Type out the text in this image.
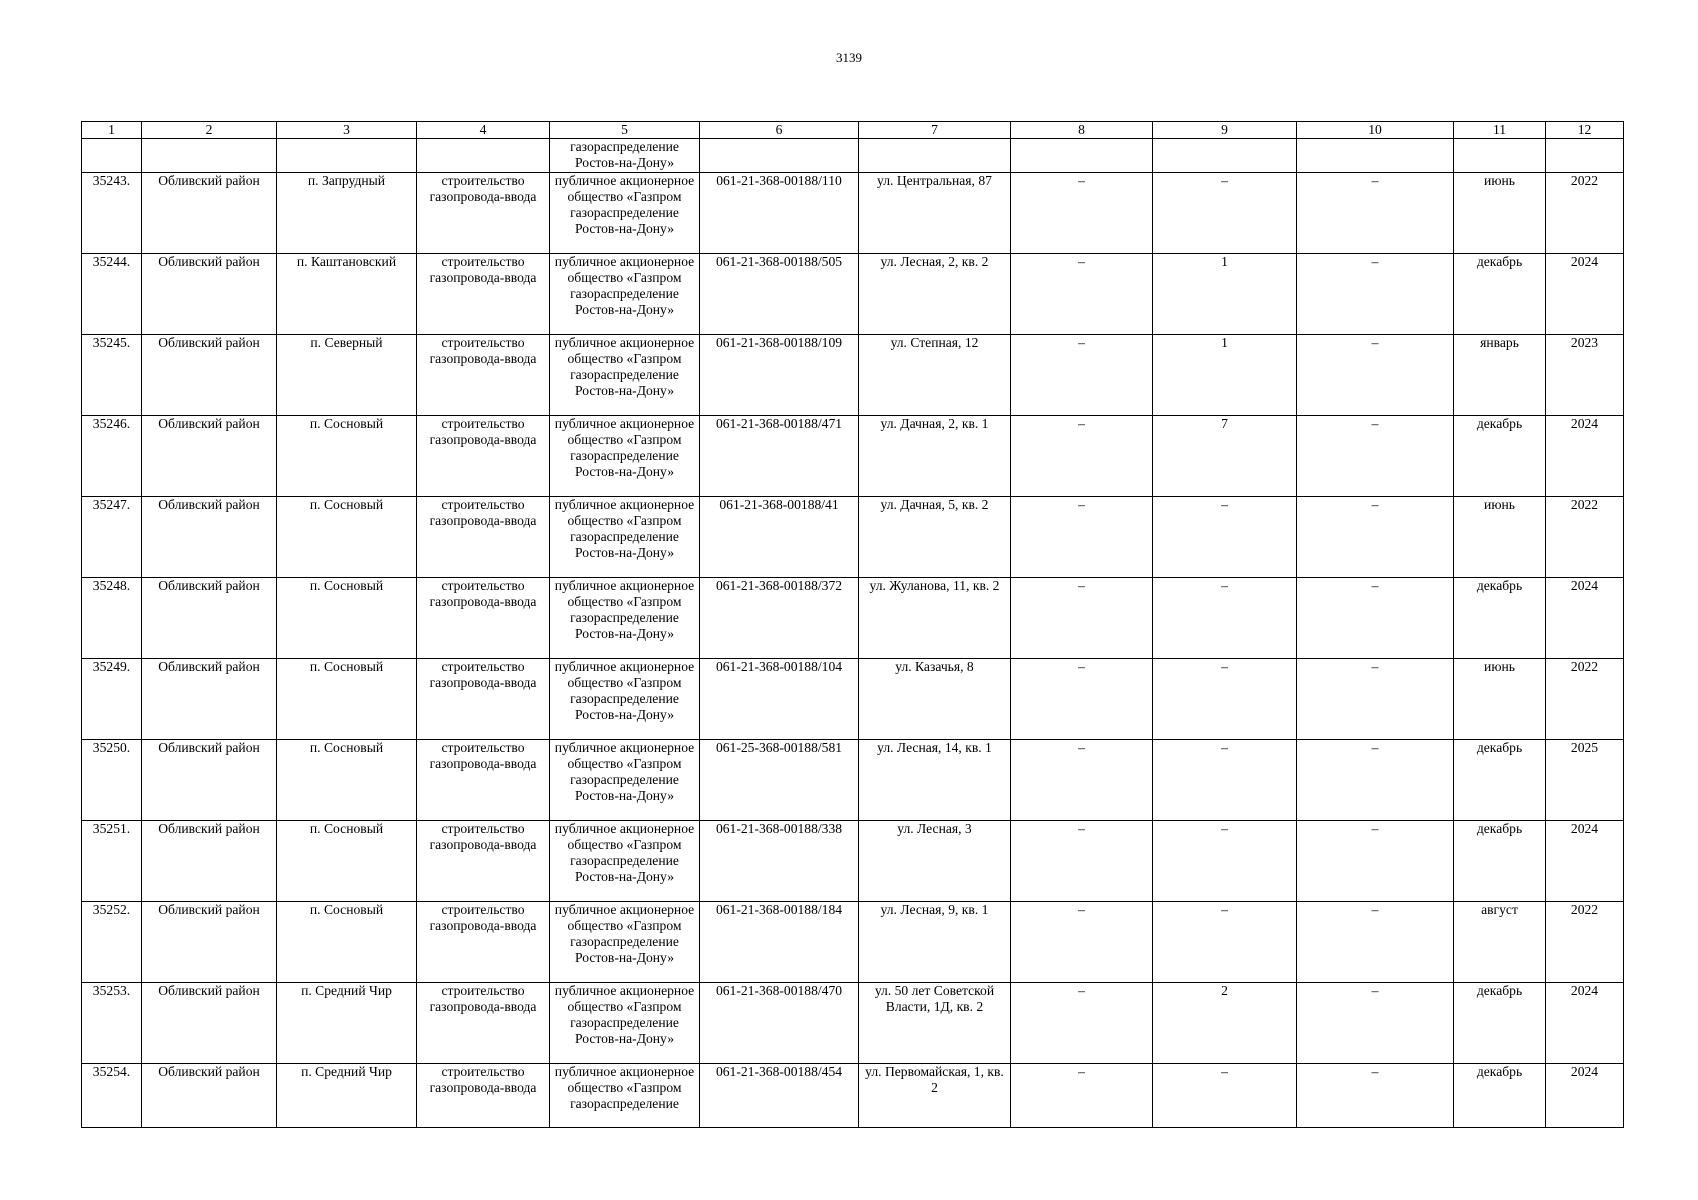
3139
1	2	3	4	5	6	7	8	9	10	11	12
				газораспределение Ростов-на-Дону»							
35243.	Обливский район	п. Запрудный	строительство газопровода-ввода	публичное акционерное общество «Газпром газораспределение Ростов-на-Дону»	061-21-368-00188/110	ул. Центральная, 87	–	–	–	июнь	2022
35244.	Обливский район	п. Каштановский	строительство газопровода-ввода	публичное акционерное общество «Газпром газораспределение Ростов-на-Дону»	061-21-368-00188/505	ул. Лесная, 2, кв. 2	–	1	–	декабрь	2024
35245.	Обливский район	п. Северный	строительство газопровода-ввода	публичное акционерное общество «Газпром газораспределение Ростов-на-Дону»	061-21-368-00188/109	ул. Степная, 12	–	1	–	январь	2023
35246.	Обливский район	п. Сосновый	строительство газопровода-ввода	публичное акционерное общество «Газпром газораспределение Ростов-на-Дону»	061-21-368-00188/471	ул. Дачная, 2, кв. 1	–	7	–	декабрь	2024
35247.	Обливский район	п. Сосновый	строительство газопровода-ввода	публичное акционерное общество «Газпром газораспределение Ростов-на-Дону»	061-21-368-00188/41	ул. Дачная, 5, кв. 2	–	–	–	июнь	2022
35248.	Обливский район	п. Сосновый	строительство газопровода-ввода	публичное акционерное общество «Газпром газораспределение Ростов-на-Дону»	061-21-368-00188/372	ул. Жуланова, 11, кв. 2	–	–	–	декабрь	2024
35249.	Обливский район	п. Сосновый	строительство газопровода-ввода	публичное акционерное общество «Газпром газораспределение Ростов-на-Дону»	061-21-368-00188/104	ул. Казачья, 8	–	–	–	июнь	2022
35250.	Обливский район	п. Сосновый	строительство газопровода-ввода	публичное акционерное общество «Газпром газораспределение Ростов-на-Дону»	061-25-368-00188/581	ул. Лесная, 14, кв. 1	–	–	–	декабрь	2025
35251.	Обливский район	п. Сосновый	строительство газопровода-ввода	публичное акционерное общество «Газпром газораспределение Ростов-на-Дону»	061-21-368-00188/338	ул. Лесная, 3	–	–	–	декабрь	2024
35252.	Обливский район	п. Сосновый	строительство газопровода-ввода	публичное акционерное общество «Газпром газораспределение Ростов-на-Дону»	061-21-368-00188/184	ул. Лесная, 9, кв. 1	–	–	–	август	2022
35253.	Обливский район	п. Средний Чир	строительство газопровода-ввода	публичное акционерное общество «Газпром газораспределение Ростов-на-Дону»	061-21-368-00188/470	ул. 50 лет Советской Власти, 1Д, кв. 2	–	2	–	декабрь	2024
35254.	Обливский район	п. Средний Чир	строительство газопровода-ввода	публичное акционерное общество «Газпром газораспределение	061-21-368-00188/454	ул. Первомайская, 1, кв. 2	–	–	–	декабрь	2024
